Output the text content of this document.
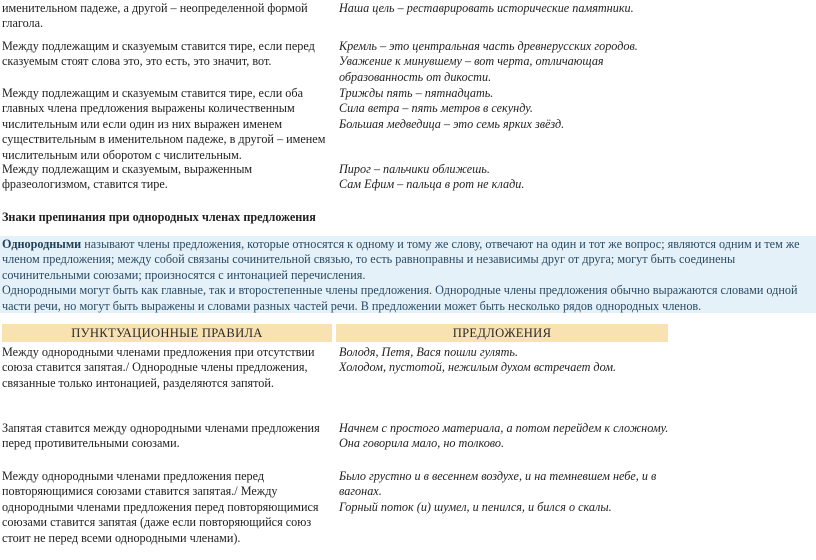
именительном падеже, а другой – неопределенной формой глагола.
Наша цель – реставрировать исторические памятники.
Между подлежащим и сказуемым ставится тире, если перед сказуемым стоят слова это, это есть, это значит, вот.
Кремль – это центральная часть древнерусских городов.
Уважение к минувшему – вот черта, отличающая образованность от дикости.
Между подлежащим и сказуемым ставится тире, если оба главных члена предложения выражены количественным числительным или если один из них выражен именем существительным в именительном падеже, в другой – именем числительным или оборотом с числительным.
Трижды пять – пятнадцать.
Сила ветра – пять метров в секунду.
Большая медведица – это семь ярких звёзд.
Между подлежащим и сказуемым, выраженным фразеологизмом, ставится тире.
Пирог – пальчики оближешь.
Сам Ефим – пальца в рот не клади.
Знаки препинания при однородных членах предложения

Однородными называют члены предложения, которые относятся к одному и тому же слову, отвечают на один и тот же вопрос; являются одним и тем же членом предложения; между собой связаны сочинительной связью, то есть равноправны и независимы друг от друга; могут быть соединены сочинительными союзами; произносятся с интонацией перечисления.

Однородными могут быть как главные, так и второстепенные члены предложения. Однородные члены предложения обычно выражаются словами одной части речи, но могут быть выражены и словами разных частей речи. В предложении может быть несколько рядов однородных членов.

ПУНКТУАЦИОННЫЕ ПРАВИЛА	ПРЕДЛОЖЕНИЯ
Между однородными членами предложения при отсутствии союза ставится запятая./ Однородные члены предложения, связанные только интонацией, разделяются запятой.
Володя, Петя, Вася пошли гулять.
Холодом, пустотой, нежилым духом встречает дом.
Запятая ставится между однородными членами предложения перед противительными союзами.
Начнем с простого материала, а потом перейдем к сложному.
Она говорила мало, но толково.
Между однородными членами предложения перед повторяющимися союзами ставится запятая./ Между однородными членами предложения перед повторяющимися союзами ставится запятая (даже если повторяющийся союз стоит не перед всеми однородными членами).
Было грустно и в весеннем воздухе, и на темневшем небе, и в вагонах.
Горный поток (и) шумел, и пенился, и бился о скалы.
